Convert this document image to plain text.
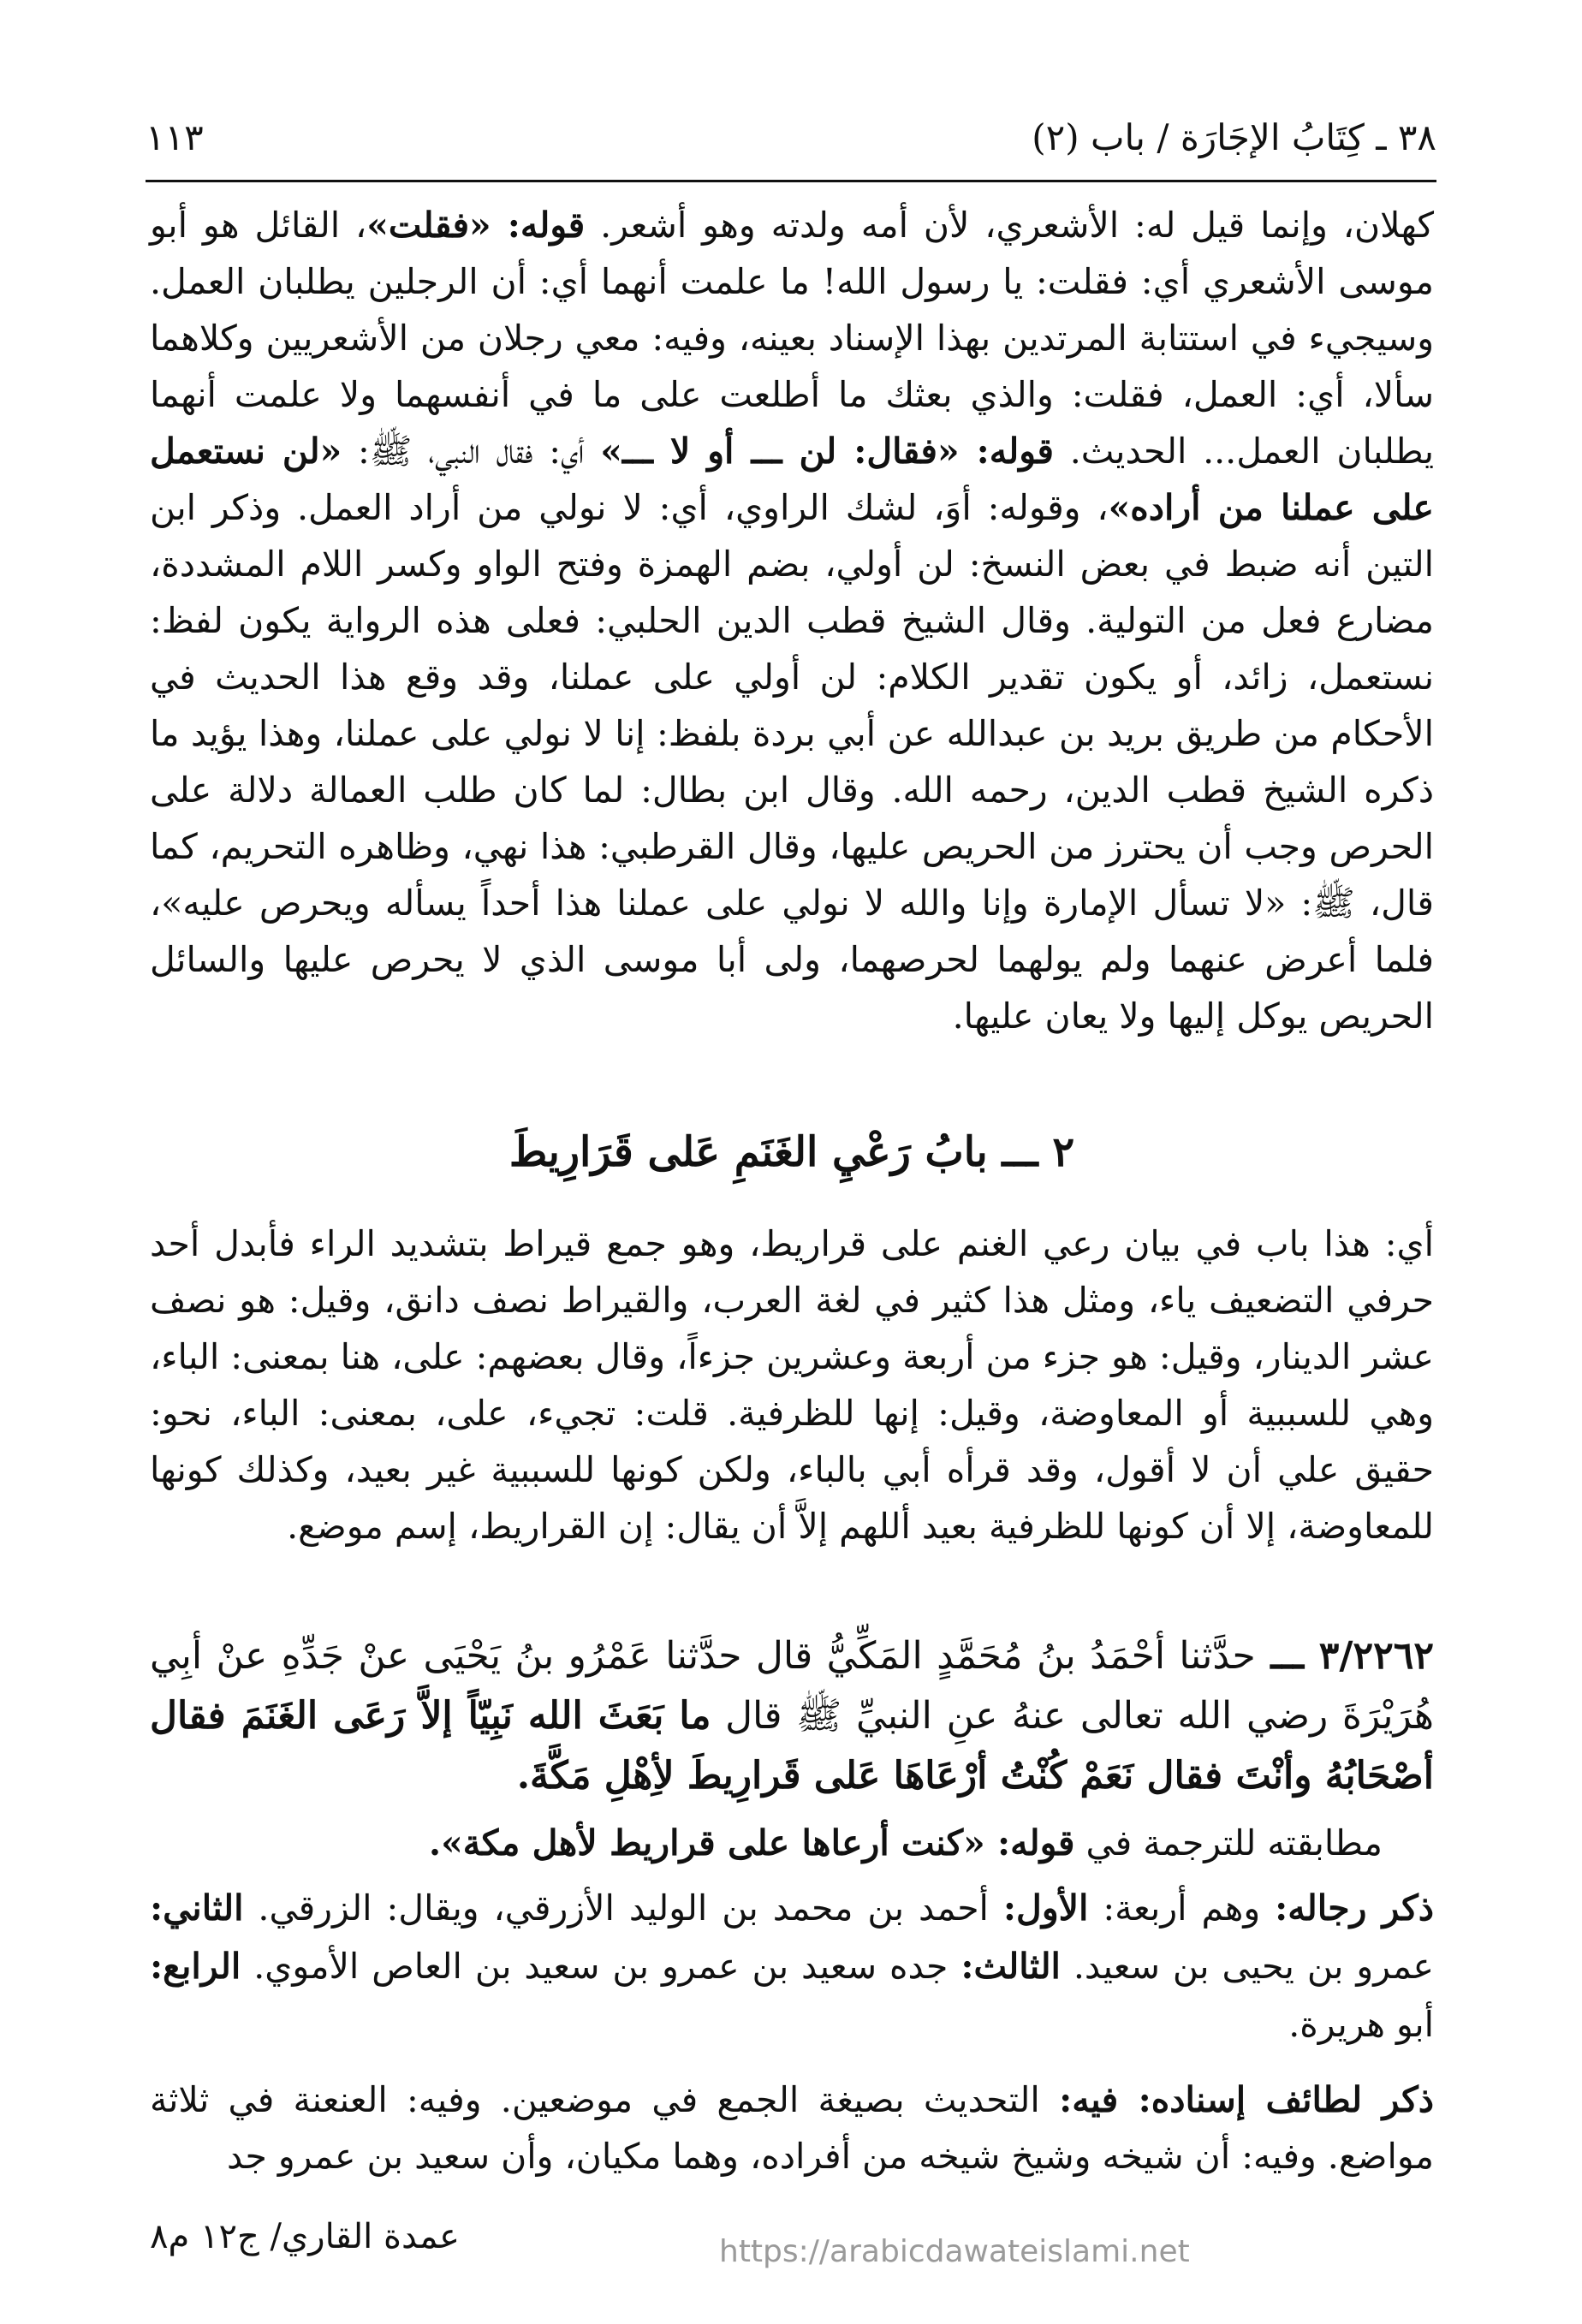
٣٨ ـ كِتَابُ الإجَارَة / باب (٢)
١١٣

كهلان، وإنما قيل له: الأشعري، لأن أمه ولدته وهو أشعر. قوله: «فقلت»، القائل هو أبو موسى الأشعري أي: فقلت: يا رسول الله! ما علمت أنهما أي: أن الرجلين يطلبان العمل. وسيجيء في استتابة المرتدين بهذا الإسناد بعينه، وفيه: معي رجلان من الأشعريين وكلاهما سألا، أي: العمل، فقلت: والذي بعثك ما أطلعت على ما في أنفسهما ولا علمت أنهما يطلبان العمل... الحديث. قوله: «فقال: لن ـــ أو لا ـــ» أي: فقال النبي، ﷺ: «لن نستعمل على عملنا من أراده»، وقوله: أوَ، لشك الراوي، أي: لا نولي من أراد العمل. وذكر ابن التين أنه ضبط في بعض النسخ: لن أولي، بضم الهمزة وفتح الواو وكسر اللام المشددة، مضارع فعل من التولية. وقال الشيخ قطب الدين الحلبي: فعلى هذه الرواية يكون لفظ: نستعمل، زائد، أو يكون تقدير الكلام: لن أولي على عملنا، وقد وقع هذا الحديث في الأحكام من طريق بريد بن عبدالله عن أبي بردة بلفظ: إنا لا نولي على عملنا، وهذا يؤيد ما ذكره الشيخ قطب الدين، رحمه الله. وقال ابن بطال: لما كان طلب العمالة دلالة على الحرص وجب أن يحترز من الحريص عليها، وقال القرطبي: هذا نهي، وظاهره التحريم، كما قال، ﷺ: «لا تسأل الإمارة وإنا والله لا نولي على عملنا هذا أحداً يسأله ويحرص عليه»، فلما أعرض عنهما ولم يولهما لحرصهما، ولى أبا موسى الذي لا يحرص عليها والسائل الحريص يوكل إليها ولا يعان عليها.

٢ ـــ بابُ رَعْيِ الغَنَمِ عَلى قَرَارِيطَ

أي: هذا باب في بيان رعي الغنم على قراريط، وهو جمع قيراط بتشديد الراء فأبدل أحد حرفي التضعيف ياء، ومثل هذا كثير في لغة العرب، والقيراط نصف دانق، وقيل: هو نصف عشر الدينار، وقيل: هو جزء من أربعة وعشرين جزءاً، وقال بعضهم: على، هنا بمعنى: الباء، وهي للسببية أو المعاوضة، وقيل: إنها للظرفية. قلت: تجيء، على، بمعنى: الباء، نحو: حقيق علي أن لا أقول، وقد قرأه أبي بالباء، ولكن كونها للسببية غير بعيد، وكذلك كونها للمعاوضة، إلا أن كونها للظرفية بعيد أللهم إلاَّ أن يقال: إن القراريط، إسم موضع.

٣/٢٢٦٢ ـــ حدَّثنا أحْمَدُ بنُ مُحَمَّدٍ المَكِّيُّ قال حدَّثنا عَمْرُو بنُ يَحْيَى عنْ جَدِّهِ عنْ أبِي هُرَيْرَةَ رضي الله تعالى عنهُ عنِ النبيِّ ﷺ قال ما بَعَثَ الله نَبِيّاً إلاَّ رَعَى الغَنَمَ فقال أصْحَابُهُ وأنْتَ فقال نَعَمْ كُنْتُ أرْعَاهَا عَلى قَرارِيطَ لأِهْلِ مَكَّةَ.

مطابقته للترجمة في قوله: «كنت أرعاها على قراريط لأهل مكة».

ذكر رجاله: وهم أربعة: الأول: أحمد بن محمد بن الوليد الأزرقي، ويقال: الزرقي. الثاني: عمرو بن يحيى بن سعيد. الثالث: جده سعيد بن عمرو بن سعيد بن العاص الأموي. الرابع: أبو هريرة.

ذكر لطائف إسناده: فيه: التحديث بصيغة الجمع في موضعين. وفيه: العنعنة في ثلاثة مواضع. وفيه: أن شيخه وشيخ شيخه من أفراده، وهما مكيان، وأن سعيد بن عمرو جد

عمدة القاري/ ج١٢ م٨	https://arabicdawateislami.net
